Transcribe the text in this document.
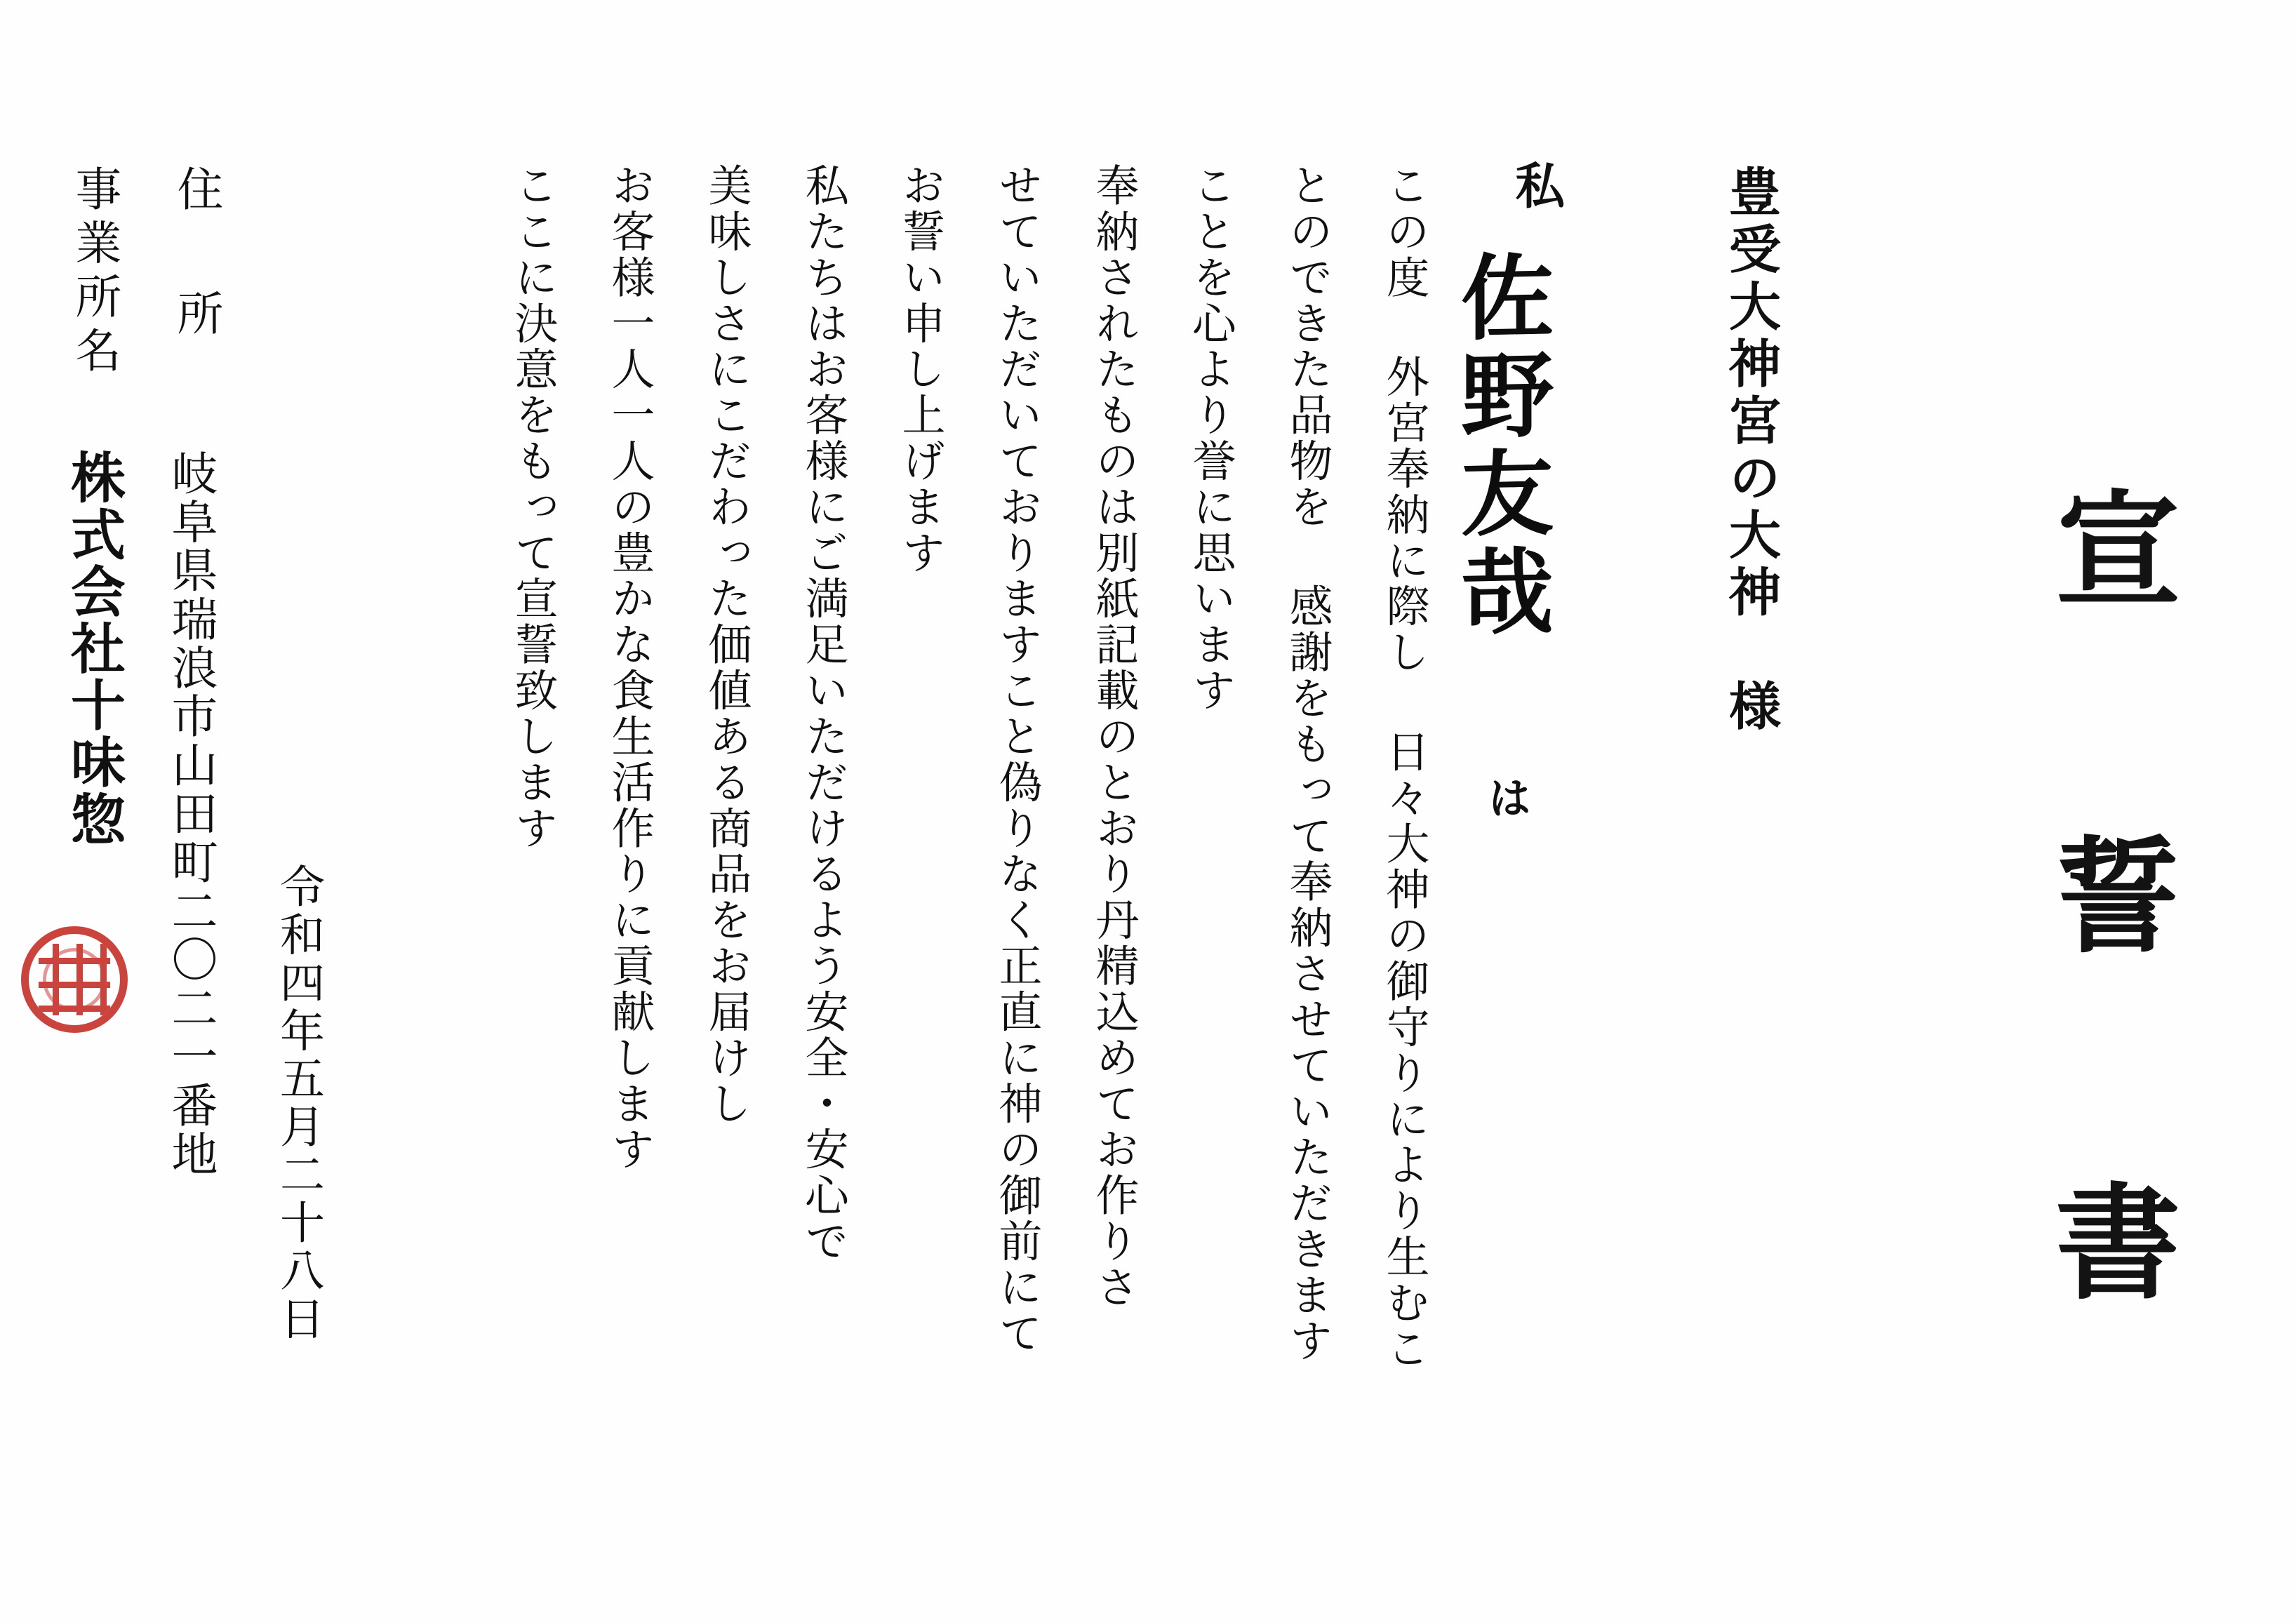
宣 誓 書
豊受大神宮の大神　様
私
佐野友哉
は
この度 外宮奉納に際し 日々大神の御守りにより生むこ
とのできた品物を 感謝をもって奉納させていただきます
ことを心より誉に思います
奉納されたものは別紙記載のとおり丹精込めてお作りさ
せていただいておりますこと偽りなく正直に神の御前にて
お誓い申し上げます
私たちはお客様にご満足いただけるよう安全・安心で
美味しさにこだわった価値ある商品をお届けし
お客様一人一人の豊かな食生活作りに貢献します
ここに決意をもって宣誓致します
令和四年五月二十八日
住　所
岐阜県瑞浪市山田町二〇二一番地
事業所名
株式会社十味惣
